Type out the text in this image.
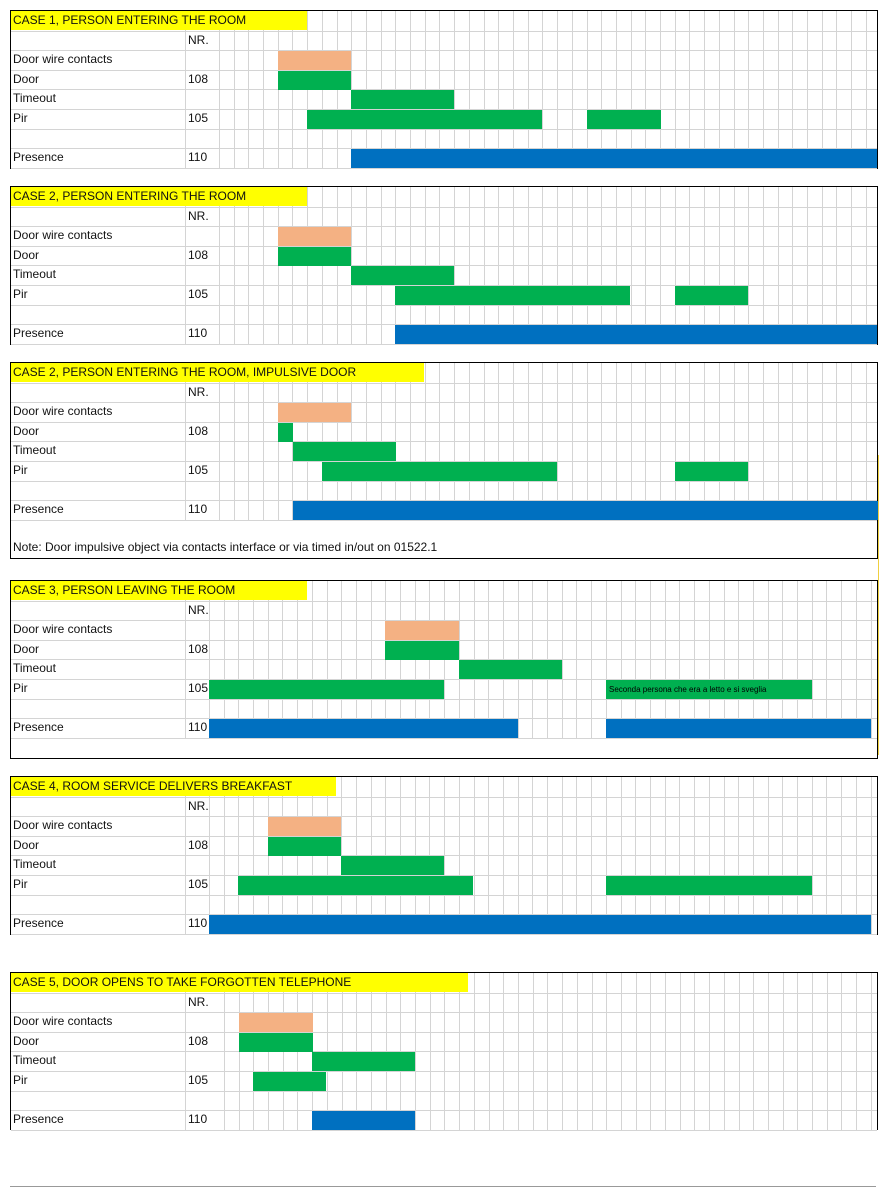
CASE 1, PERSON ENTERING THE ROOM
NR.
Door wire contacts
Door	108
Timeout
Pir	105
Presence	110
CASE 2, PERSON ENTERING THE ROOM
NR.
Door wire contacts
Door	108
Timeout
Pir	105
Presence	110
CASE 2, PERSON ENTERING THE ROOM, IMPULSIVE DOOR
NR.
Door wire contacts
Door	108
Timeout
Pir	105
Presence	110
Note: Door impulsive object via contacts interface or via timed in/out on 01522.1
CASE 3, PERSON LEAVING THE ROOM
NR.
Door wire contacts
Door	108
Timeout
Pir	105	Seconda persona che era a letto e si sveglia
Presence	110
CASE 4, ROOM SERVICE DELIVERS BREAKFAST
NR.
Door wire contacts
Door	108
Timeout
Pir	105
Presence	110
CASE 5, DOOR OPENS TO TAKE FORGOTTEN TELEPHONE
NR.
Door wire contacts
Door	108
Timeout
Pir	105
Presence	110
